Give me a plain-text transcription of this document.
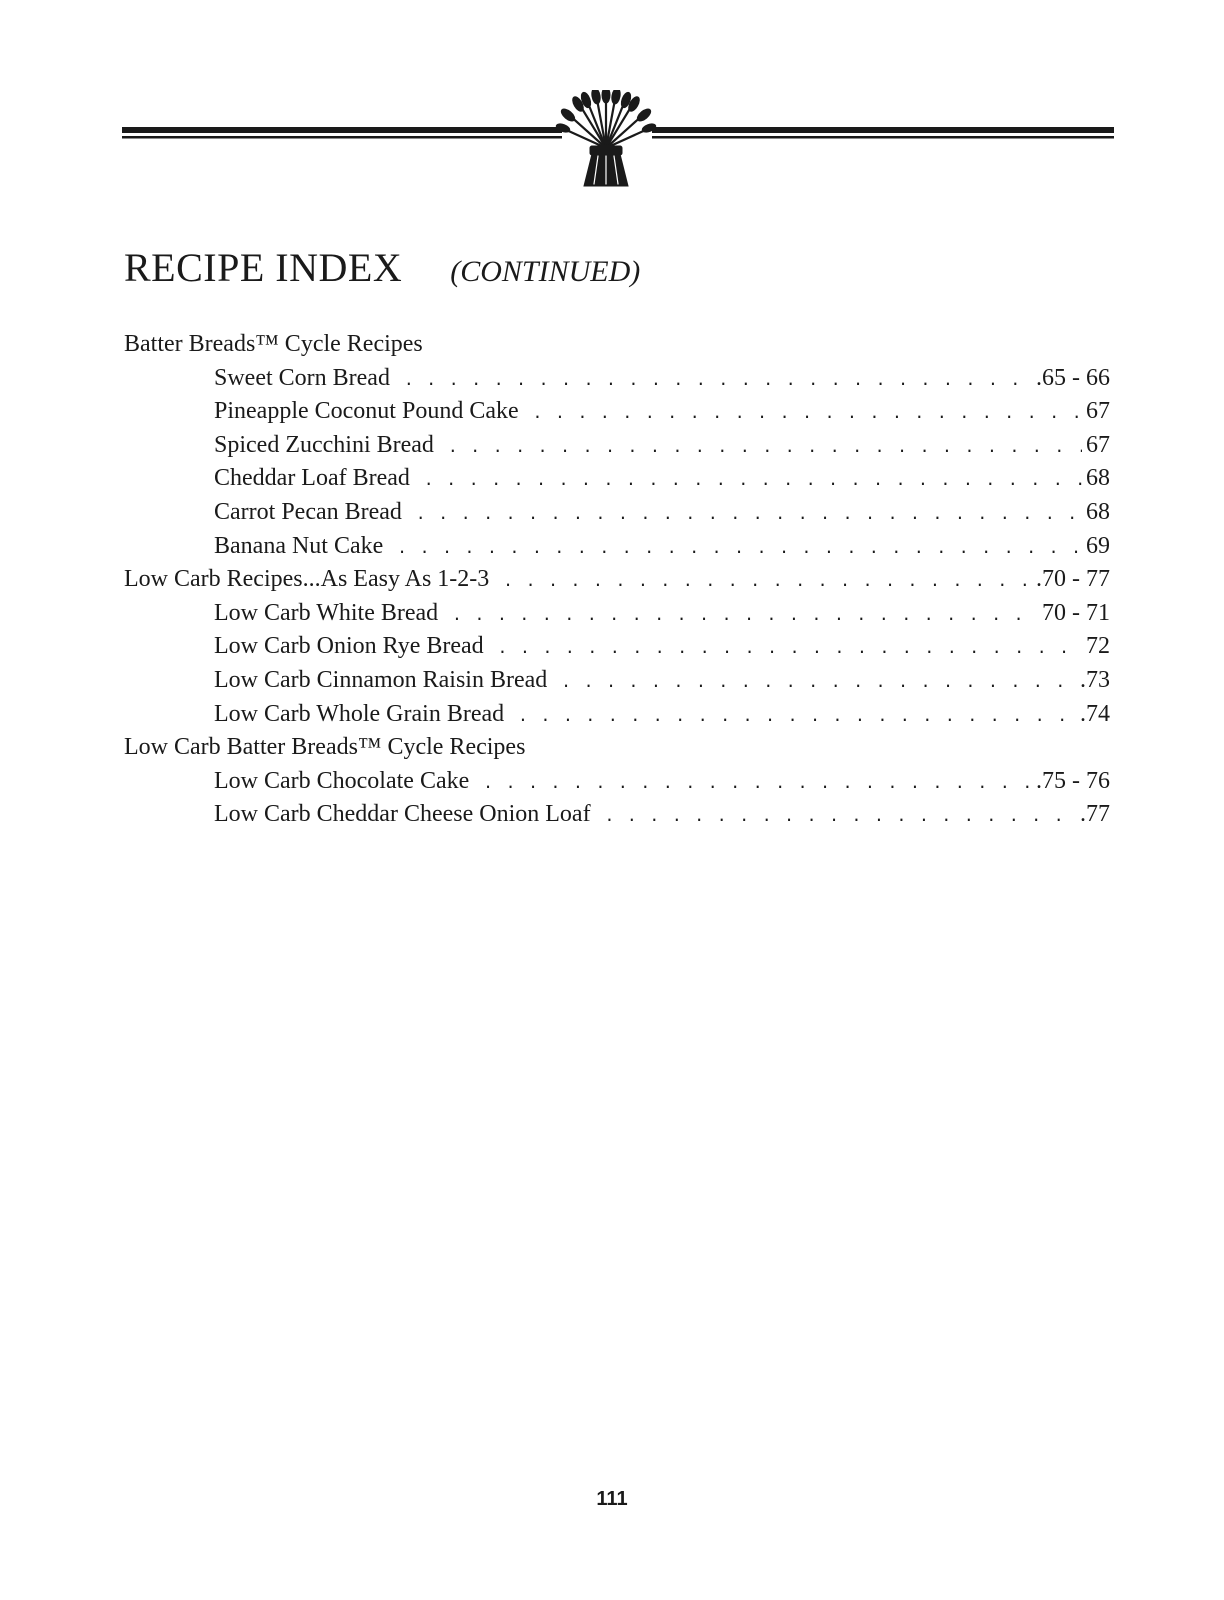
RECIPE INDEX (CONTINUED)
Batter Breads™ Cycle Recipes
Sweet Corn Bread . . .	.65 - 66
Pineapple Coconut Pound Cake . . .	67
Spiced Zucchini Bread . . .	67
Cheddar Loaf Bread . . .	68
Carrot Pecan Bread . . .	68
Banana Nut Cake . . .	69
Low Carb Recipes...As Easy As 1-2-3 . . .	.70 - 77
Low Carb White Bread . . .	70 - 71
Low Carb Onion Rye Bread . . .	72
Low Carb Cinnamon Raisin Bread . . .	.73
Low Carb Whole Grain Bread . . .	.74
Low Carb Batter Breads™ Cycle Recipes
Low Carb Chocolate Cake . . .	.75 - 76
Low Carb Cheddar Cheese Onion Loaf . . .	.77
111
